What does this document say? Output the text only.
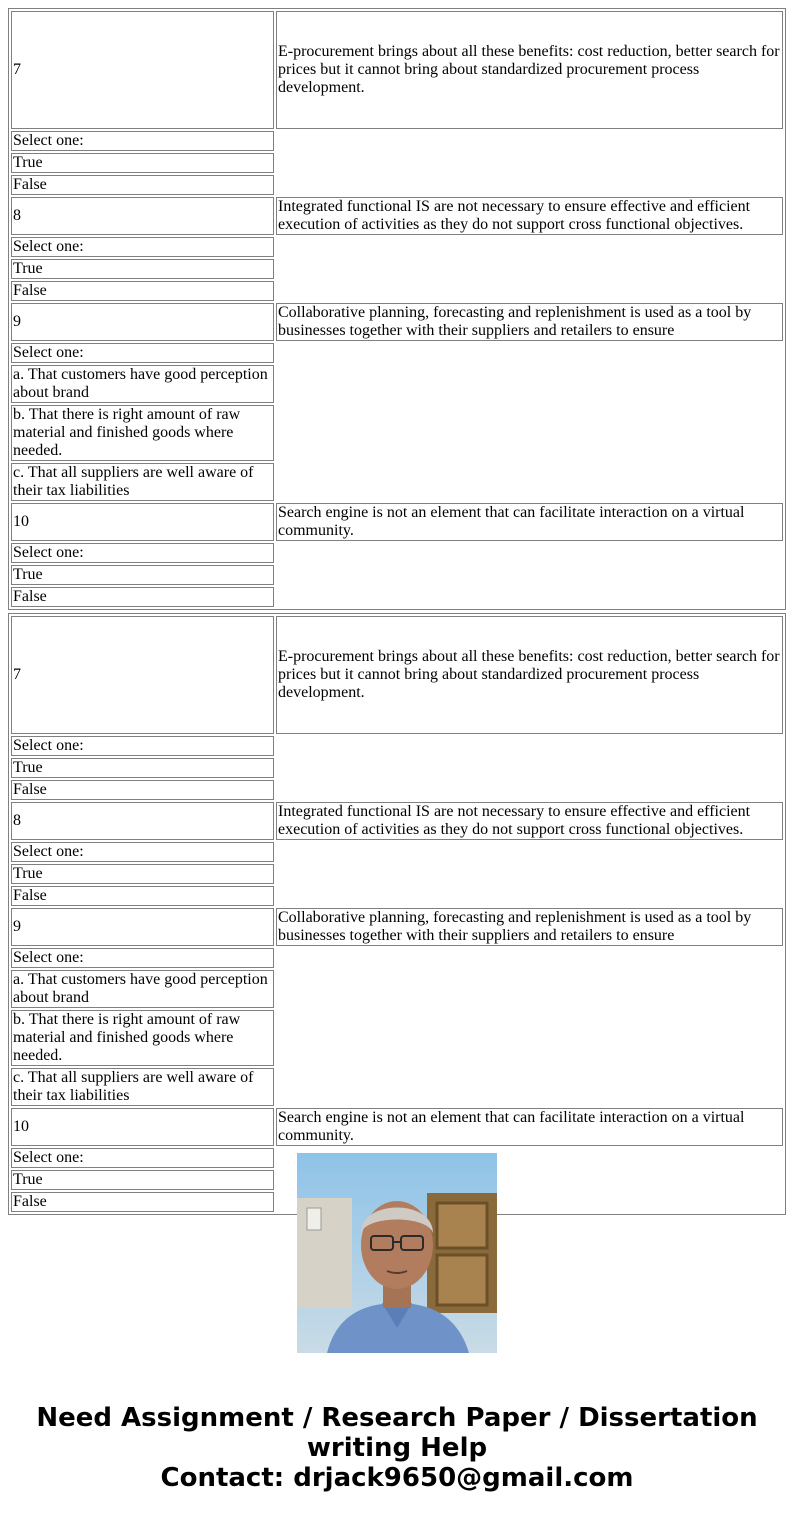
7	E-procurement brings about all these benefits: cost reduction, better search for prices but it cannot bring about standardized procurement process development.
Select one:	
True	
False	
8	Integrated functional IS are not necessary to ensure effective and efficient execution of activities as they do not support cross functional objectives.
Select one:	
True	
False	
9	Collaborative planning, forecasting and replenishment is used as a tool by businesses together with their suppliers and retailers to ensure
Select one:	
a. That customers have good perception about brand	
b. That there is right amount of raw material and finished goods where needed.	
c. That all suppliers are well aware of their tax liabilities	
10	Search engine is not an element that can facilitate interaction on a virtual community.
Select one:	
True	
False	
7	E-procurement brings about all these benefits: cost reduction, better search for prices but it cannot bring about standardized procurement process development.
Select one:	
True	
False	
8	Integrated functional IS are not necessary to ensure effective and efficient execution of activities as they do not support cross functional objectives.
Select one:	
True	
False	
9	Collaborative planning, forecasting and replenishment is used as a tool by businesses together with their suppliers and retailers to ensure
Select one:	
a. That customers have good perception about brand	
b. That there is right amount of raw material and finished goods where needed.	
c. That all suppliers are well aware of their tax liabilities	
10	Search engine is not an element that can facilitate interaction on a virtual community.
Select one:	
True	
False	
Need Assignment / Research Paper / Dissertation
writing Help
Contact: drjack9650@gmail.com
